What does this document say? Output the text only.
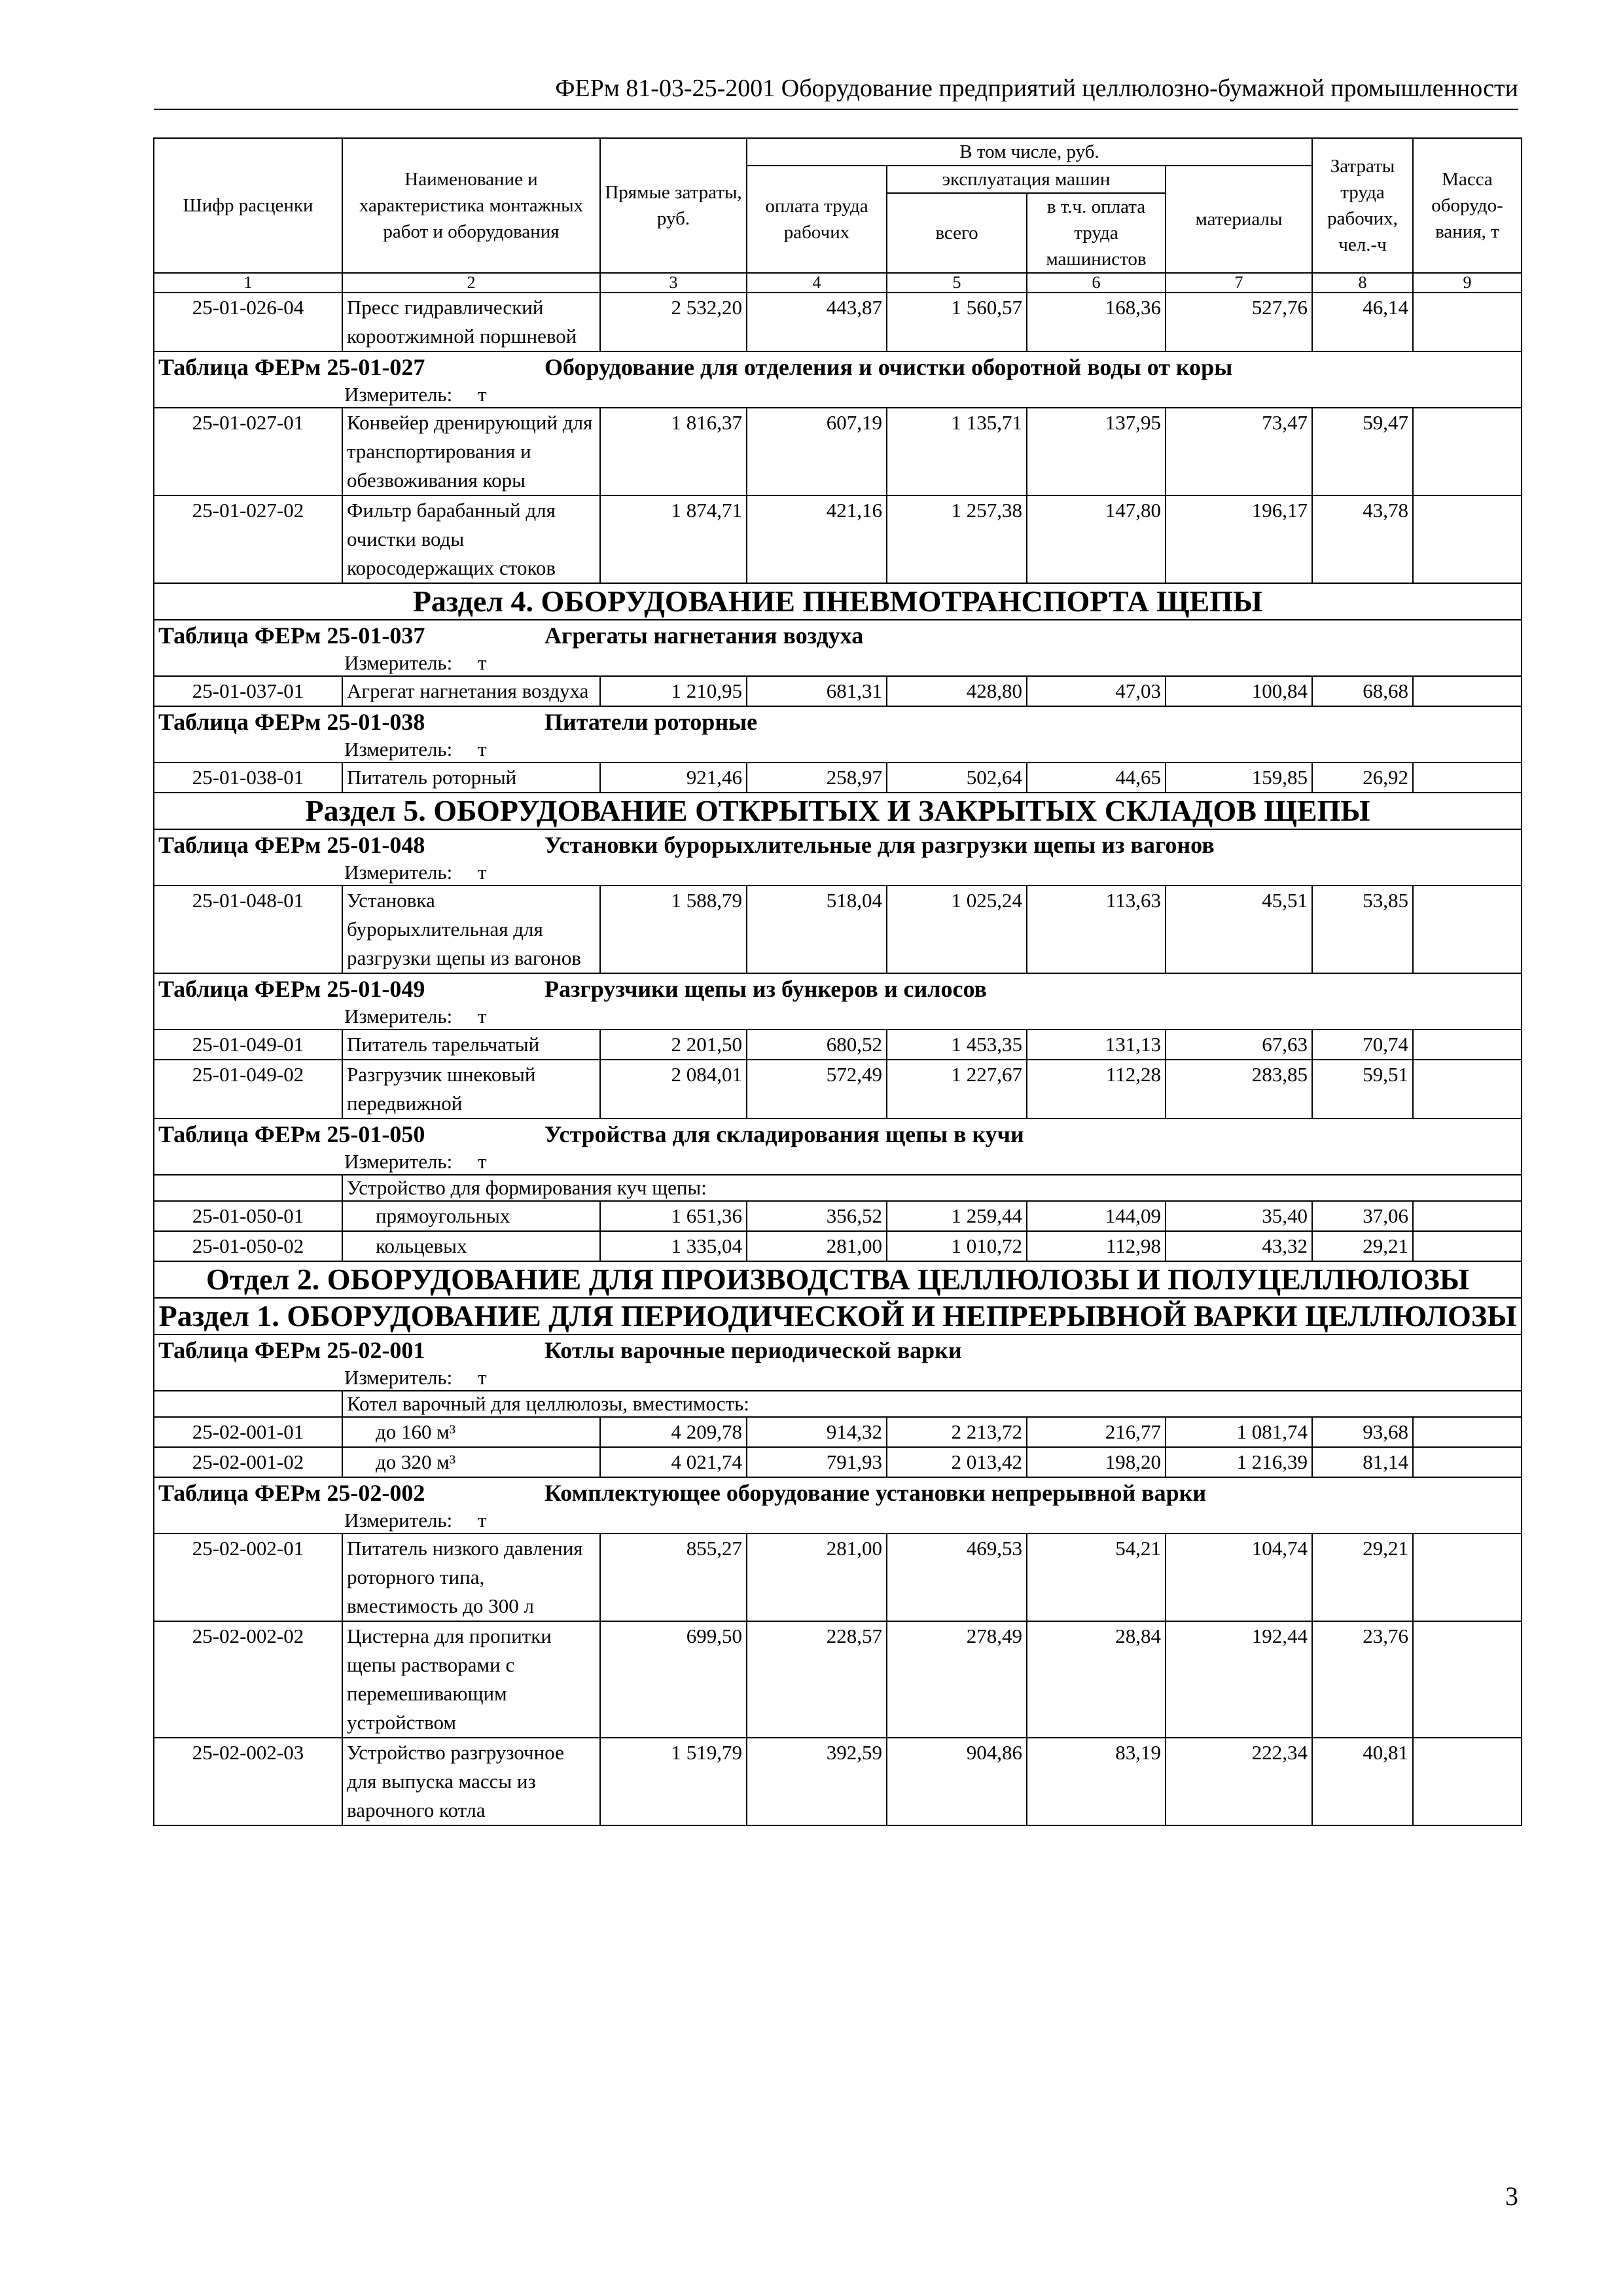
ФЕРм 81-03-25-2001 Оборудование предприятий целлюлозно-бумажной промышленности
Шифр расценки	Наименование и характеристика монтажных работ и оборудования	Прямые затраты, руб.	В том числе, руб.				Затраты труда рабочих, чел.-ч	Масса оборудо-вания, т
			оплата труда рабочих	эксплуатация машин		материалы		
				всего	в т.ч. оплата труда машинистов			
1	2	3	4	5	6	7	8	9
25-01-026-04	Пресс гидравлический короотжимной поршневой	2 532,20	443,87	1 560,57	168,36	527,76	46,14	
Таблица ФЕРм 25-01-027 Оборудование для отделения и очистки оборотной воды от коры								
Измеритель: т								
25-01-027-01	Конвейер дренирующий для транспортирования и обезвоживания коры	1 816,37	607,19	1 135,71	137,95	73,47	59,47	
25-01-027-02	Фильтр барабанный для очистки воды коросодержащих стоков	1 874,71	421,16	1 257,38	147,80	196,17	43,78	
Раздел 4. ОБОРУДОВАНИЕ ПНЕВМОТРАНСПОРТА ЩЕПЫ								
Таблица ФЕРм 25-01-037 Агрегаты нагнетания воздуха								
Измеритель: т								
25-01-037-01	Агрегат нагнетания воздуха	1 210,95	681,31	428,80	47,03	100,84	68,68	
Таблица ФЕРм 25-01-038 Питатели роторные								
Измеритель: т								
25-01-038-01	Питатель роторный	921,46	258,97	502,64	44,65	159,85	26,92	
Раздел 5. ОБОРУДОВАНИЕ ОТКРЫТЫХ И ЗАКРЫТЫХ СКЛАДОВ ЩЕПЫ								
Таблица ФЕРм 25-01-048 Установки бурорыхлительные для разгрузки щепы из вагонов								
Измеритель: т								
25-01-048-01	Установка бурорыхлительная для разгрузки щепы из вагонов	1 588,79	518,04	1 025,24	113,63	45,51	53,85	
Таблица ФЕРм 25-01-049 Разгрузчики щепы из бункеров и силосов								
Измеритель: т								
25-01-049-01	Питатель тарельчатый	2 201,50	680,52	1 453,35	131,13	67,63	70,74	
25-01-049-02	Разгрузчик шнековый передвижной	2 084,01	572,49	1 227,67	112,28	283,85	59,51	
Таблица ФЕРм 25-01-050 Устройства для складирования щепы в кучи								
Измеритель: т								
	Устройство для формирования куч щепы:							
25-01-050-01	прямоугольных	1 651,36	356,52	1 259,44	144,09	35,40	37,06	
25-01-050-02	кольцевых	1 335,04	281,00	1 010,72	112,98	43,32	29,21	
Отдел 2. ОБОРУДОВАНИЕ ДЛЯ ПРОИЗВОДСТВА ЦЕЛЛЮЛОЗЫ И ПОЛУЦЕЛЛЮЛОЗЫ								
Раздел 1. ОБОРУДОВАНИЕ ДЛЯ ПЕРИОДИЧЕСКОЙ И НЕПРЕРЫВНОЙ ВАРКИ ЦЕЛЛЮЛОЗЫ								
Таблица ФЕРм 25-02-001 Котлы варочные периодической варки								
Измеритель: т								
	Котел варочный для целлюлозы, вместимость:							
25-02-001-01	до 160 м³	4 209,78	914,32	2 213,72	216,77	1 081,74	93,68	
25-02-001-02	до 320 м³	4 021,74	791,93	2 013,42	198,20	1 216,39	81,14	
Таблица ФЕРм 25-02-002 Комплектующее оборудование установки непрерывной варки								
Измеритель: т								
25-02-002-01	Питатель низкого давления роторного типа, вместимость до 300 л	855,27	281,00	469,53	54,21	104,74	29,21	
25-02-002-02	Цистерна для пропитки щепы растворами с перемешивающим устройством	699,50	228,57	278,49	28,84	192,44	23,76	
25-02-002-03	Устройство разгрузочное для выпуска массы из варочного котла	1 519,79	392,59	904,86	83,19	222,34	40,81	
3
